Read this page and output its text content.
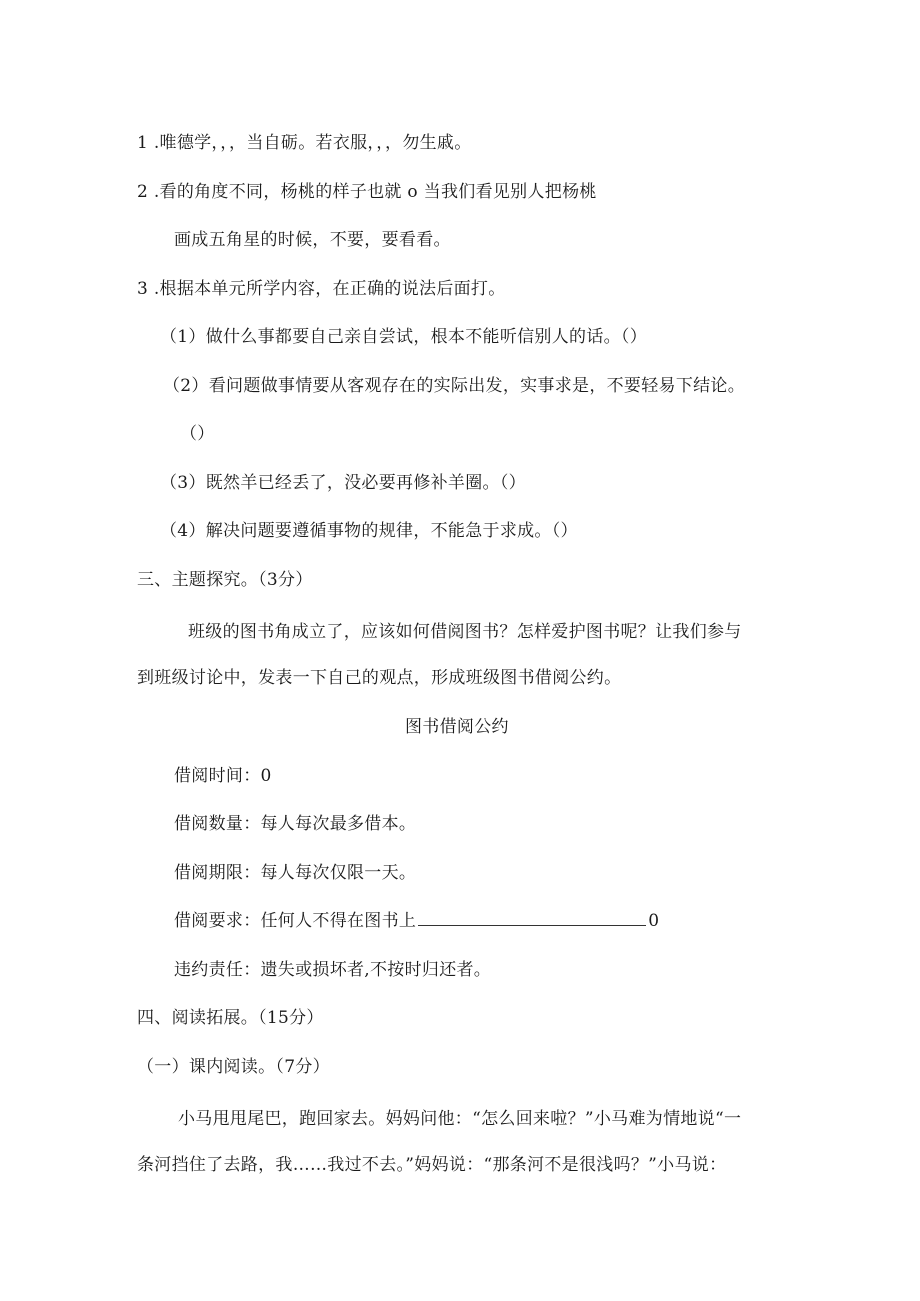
1 .唯德学，，，当自砺。若衣服，，，勿生戚。
2 .看的角度不同，杨桃的样子也就 o 当我们看见别人把杨桃
画成五角星的时候，不要，要看看。
3 .根据本单元所学内容，在正确的说法后面打。
（1）做什么事都要自己亲自尝试，根本不能听信别人的话。（）
（2）看问题做事情要从客观存在的实际出发，实事求是，不要轻易下结论。
（）
（3）既然羊已经丢了，没必要再修补羊圈。（）
（4）解决问题要遵循事物的规律，不能急于求成。（）
三、主题探究。（3分）
班级的图书角成立了，应该如何借阅图书？怎样爱护图书呢？让我们参与
到班级讨论中，发表一下自己的观点，形成班级图书借阅公约。
图书借阅公约
借阅时间：0
借阅数量：每人每次最多借本。
借阅期限：每人每次仅限一天。
借阅要求：任何人不得在图书上	0
违约责任：遗失或损坏者,不按时归还者。
四、阅读拓展。（15分）
（一）课内阅读。（7分）
小马甩甩尾巴，跑回家去。妈妈问他：“怎么回来啦？”小马难为情地说“一
条河挡住了去路，我……我过不去。”妈妈说：“那条河不是很浅吗？”小马说：
